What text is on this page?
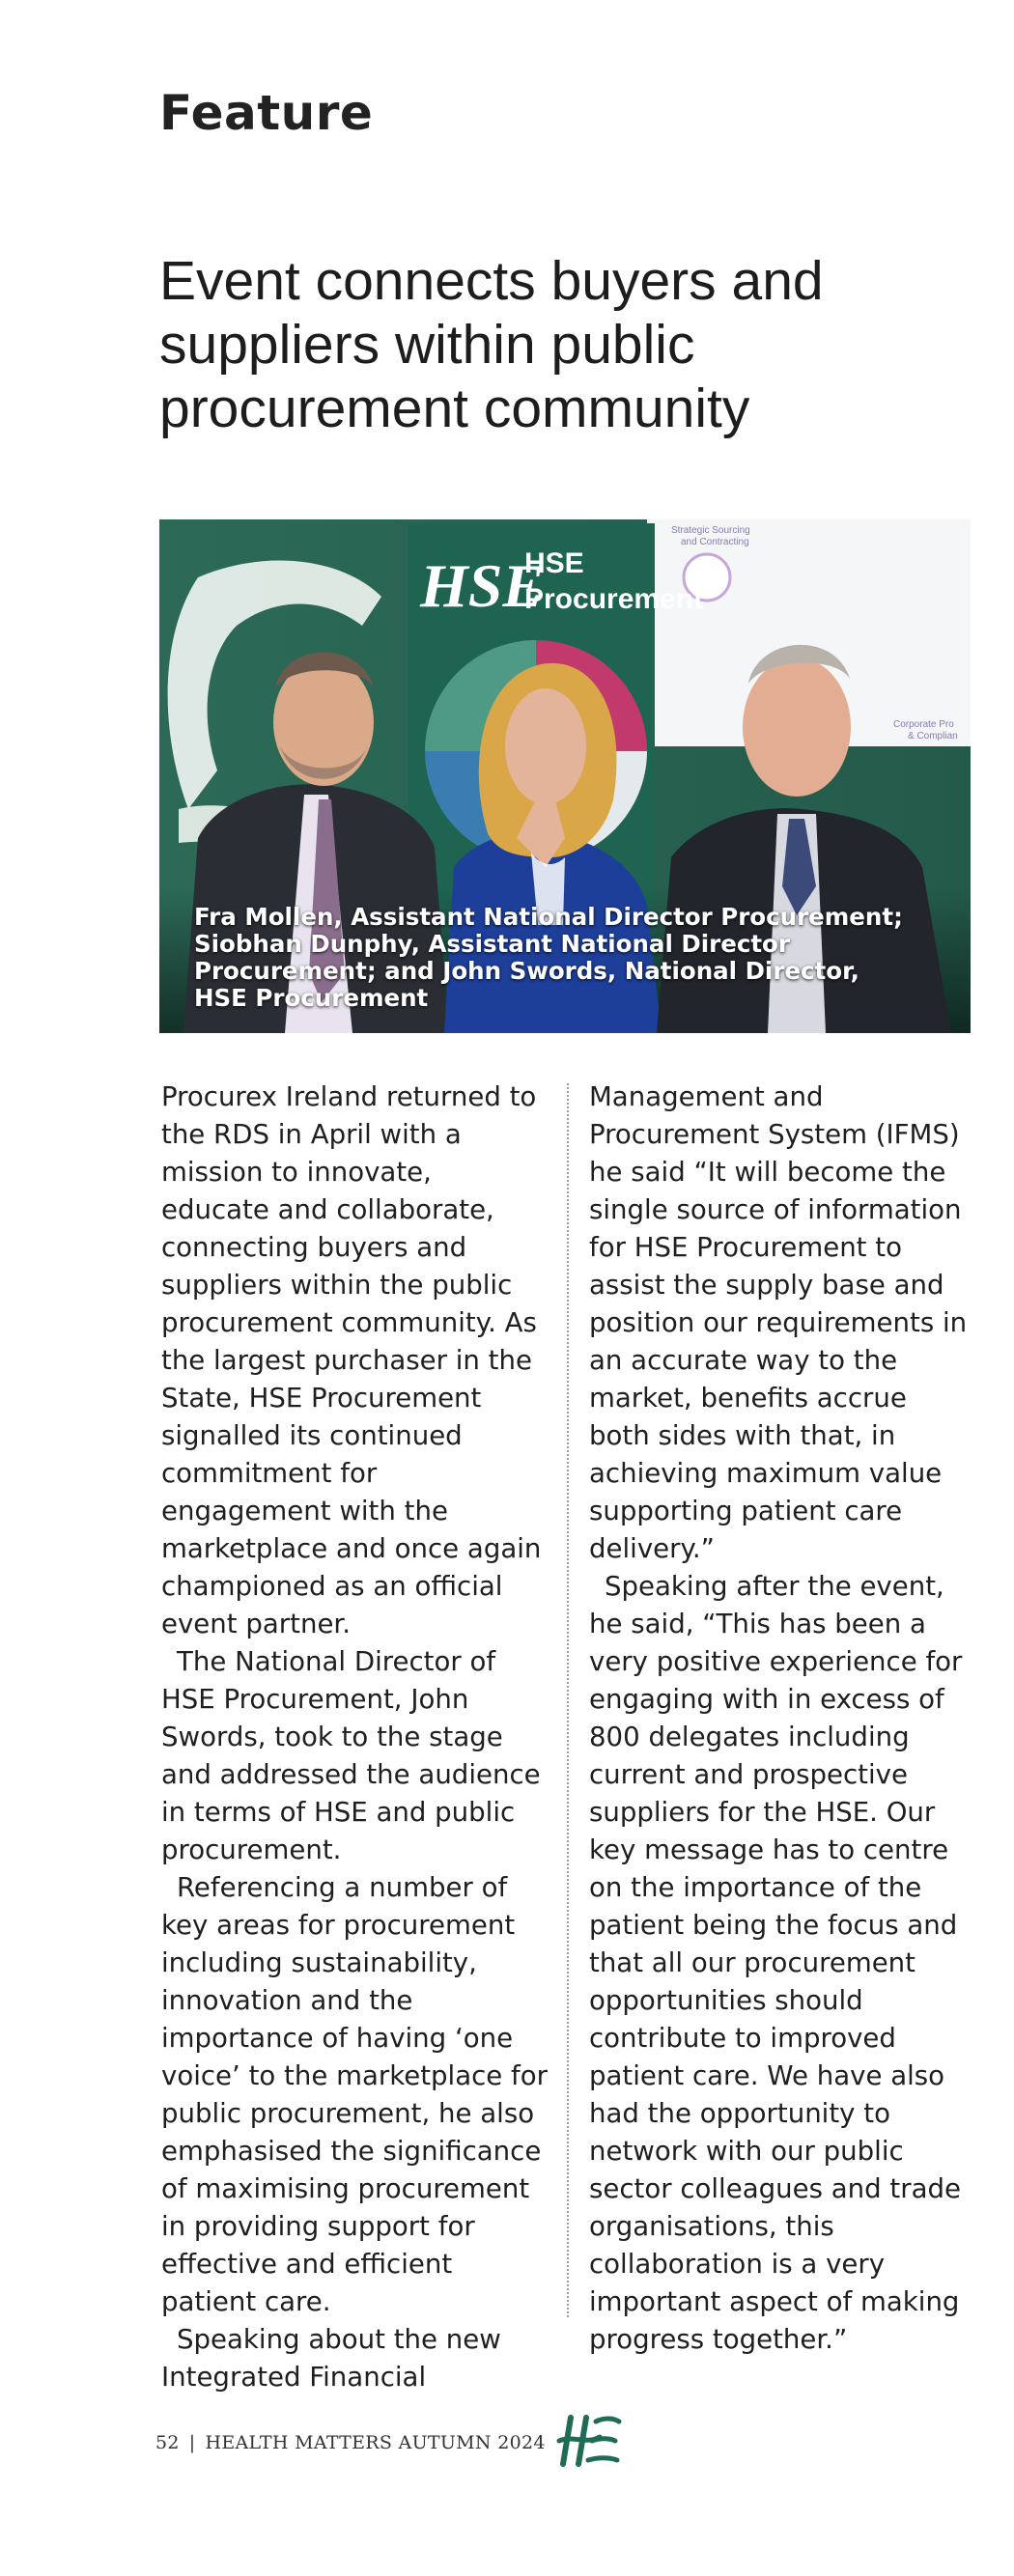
Feature
Event connects buyers and suppliers within public procurement community
Strategic Sourcing
and Contracting
Corporate Pro
& Complian
HSE
HSE
Procurement
Fra Mollen, Assistant National Director Procurement; Siobhan Dunphy, Assistant National Director Procurement; and John Swords, National Director, HSE Procurement

Procurex Ireland returned to the RDS in April with a mission to innovate, educate and collaborate, connecting buyers and suppliers within the public procurement community. As the largest purchaser in the State, HSE Procurement signalled its continued commitment for engagement with the marketplace and once again championed as an official event partner.

The National Director of HSE Procurement, John Swords, took to the stage and addressed the audience in terms of HSE and public procurement.

Referencing a number of key areas for procurement including sustainability, innovation and the importance of having ‘one voice’ to the marketplace for public procurement, he also emphasised the significance of maximising procurement in providing support for effective and efficient patient care.

Speaking about the new Integrated Financial

Management and Procurement System (IFMS) he said “It will become the single source of information for HSE Procurement to assist the supply base and position our requirements in an accurate way to the market, benefits accrue both sides with that, in achieving maximum value supporting patient care delivery.”

Speaking after the event, he said, “This has been a very positive experience for engaging with in excess of 800 delegates including current and prospective suppliers for the HSE. Our key message has to centre on the importance of the patient being the focus and that all our procurement opportunities should contribute to improved patient care. We have also had the opportunity to network with our public sector colleagues and trade organisations, this collaboration is a very important aspect of making progress together.”

52 | HEALTH MATTERS AUTUMN 2024
